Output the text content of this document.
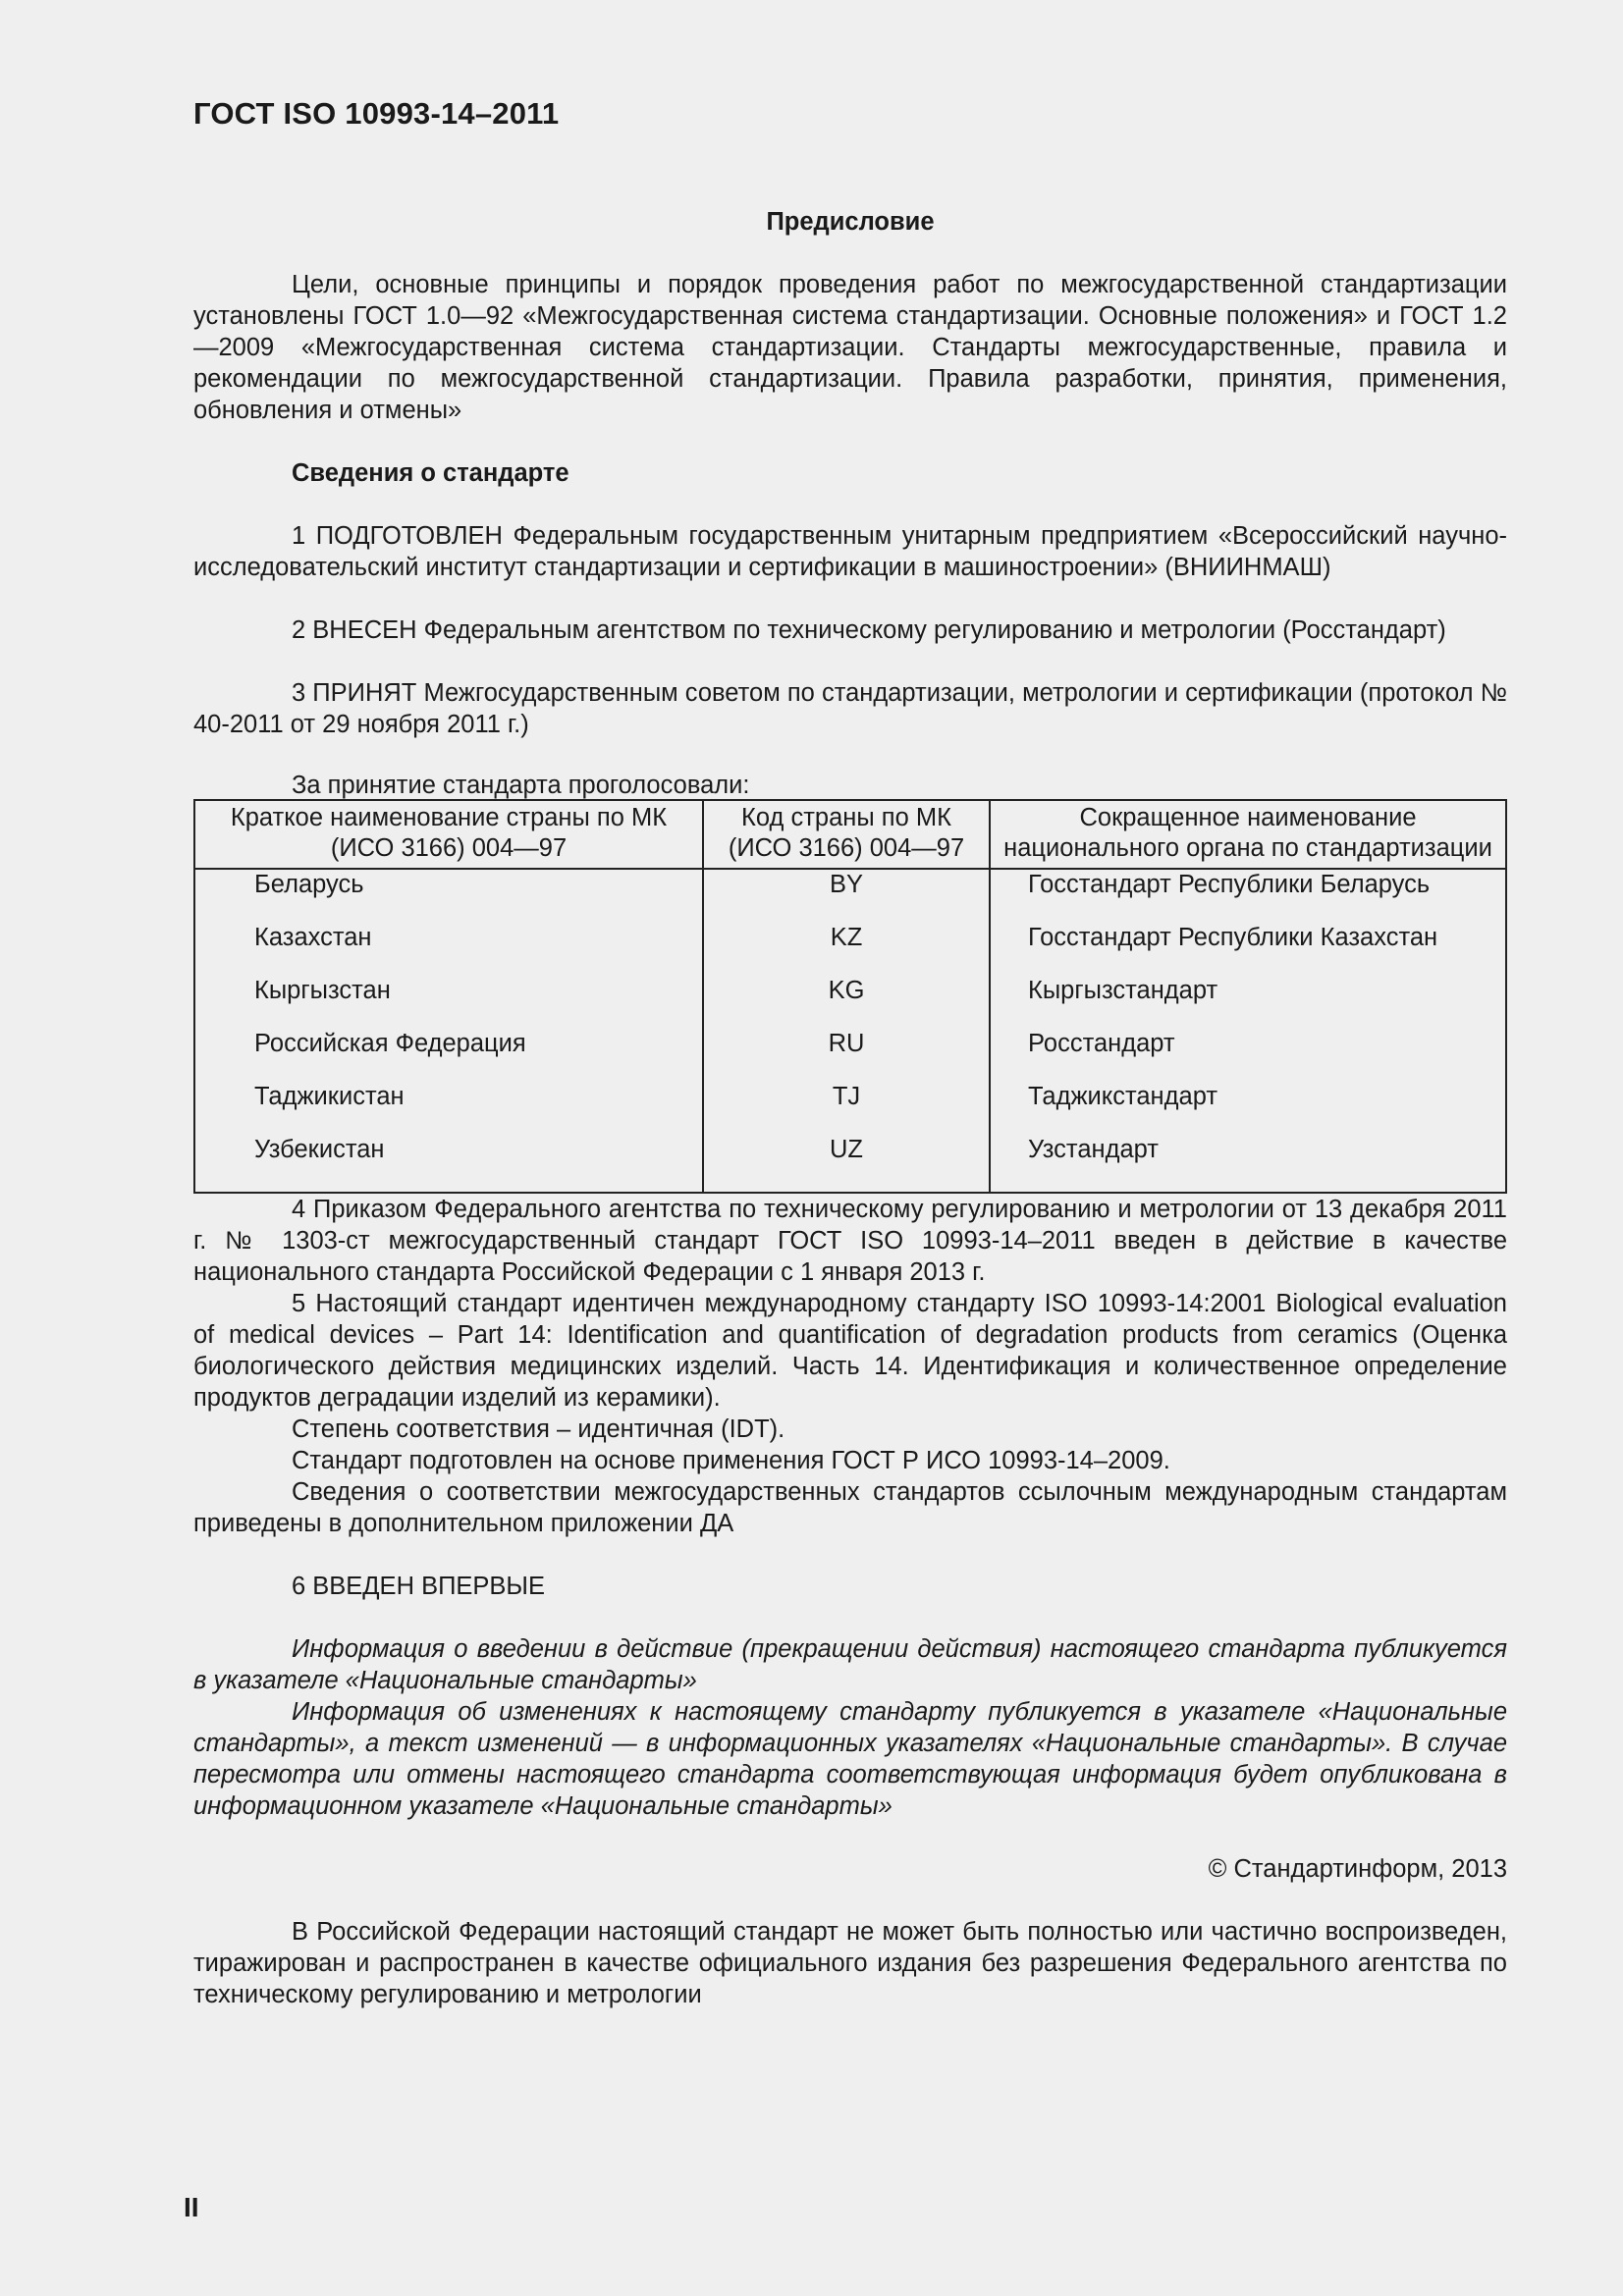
ГОСТ ISO 10993-14–2011
Предисловие

Цели, основные принципы и порядок проведения работ по межгосударственной стандартизации установлены ГОСТ 1.0—92 «Межгосударственная система стандартизации. Основные положения» и ГОСТ 1.2—2009 «Межгосударственная система стандартизации. Стандарты межгосударственные, правила и рекомендации по межгосударственной стандартизации. Правила разработки, принятия, применения, обновления и отмены»

Сведения о стандарте

1 ПОДГОТОВЛЕН Федеральным государственным унитарным предприятием «Всероссийский научно-исследовательский институт стандартизации и сертификации в машиностроении» (ВНИИНМАШ)

2 ВНЕСЕН Федеральным агентством по техническому регулированию и метрологии (Росстандарт)

3 ПРИНЯТ Межгосударственным советом по стандартизации, метрологии и сертификации (протокол № 40-2011 от 29 ноября 2011 г.)

За принятие стандарта проголосовали:

Краткое наименование страны по МК (ИСО 3166) 004—97	Код страны по МК (ИСО 3166) 004—97	Сокращенное наименование национального органа по стандартизации
Беларусь	BY	Госстандарт Республики Беларусь
Казахстан	KZ	Госстандарт Республики Казахстан
Кыргызстан	KG	Кыргызстандарт
Российская Федерация	RU	Росстандарт
Таджикистан	TJ	Таджикстандарт
Узбекистан	UZ	Узстандарт

4 Приказом Федерального агентства по техническому регулированию и метрологии от 13 декабря 2011 г. № 1303-ст межгосударственный стандарт ГОСТ ISO 10993-14–2011 введен в действие в качестве национального стандарта Российской Федерации с 1 января 2013 г.

5 Настоящий стандарт идентичен международному стандарту ISO 10993-14:2001 Biological evaluation of medical devices – Part 14: Identification and quantification of degradation products from ceramics (Оценка биологического действия медицинских изделий. Часть 14. Идентификация и количественное определение продуктов деградации изделий из керамики).

Степень соответствия – идентичная (IDT).

Стандарт подготовлен на основе применения ГОСТ Р ИСО 10993-14–2009.

Сведения о соответствии межгосударственных стандартов ссылочным международным стандартам приведены в дополнительном приложении ДА

6 ВВЕДЕН ВПЕРВЫЕ

Информация о введении в действие (прекращении действия) настоящего стандарта публикуется в указателе «Национальные стандарты»

Информация об изменениях к настоящему стандарту публикуется в указателе «Национальные стандарты», а текст изменений — в информационных указателях «Национальные стандарты». В случае пересмотра или отмены настоящего стандарта соответствующая информация будет опубликована в информационном указателе «Национальные стандарты»

© Стандартинформ, 2013

В Российской Федерации настоящий стандарт не может быть полностью или частично воспроизведен, тиражирован и распространен в качестве официального издания без разрешения Федерального агентства по техническому регулированию и метрологии

II
